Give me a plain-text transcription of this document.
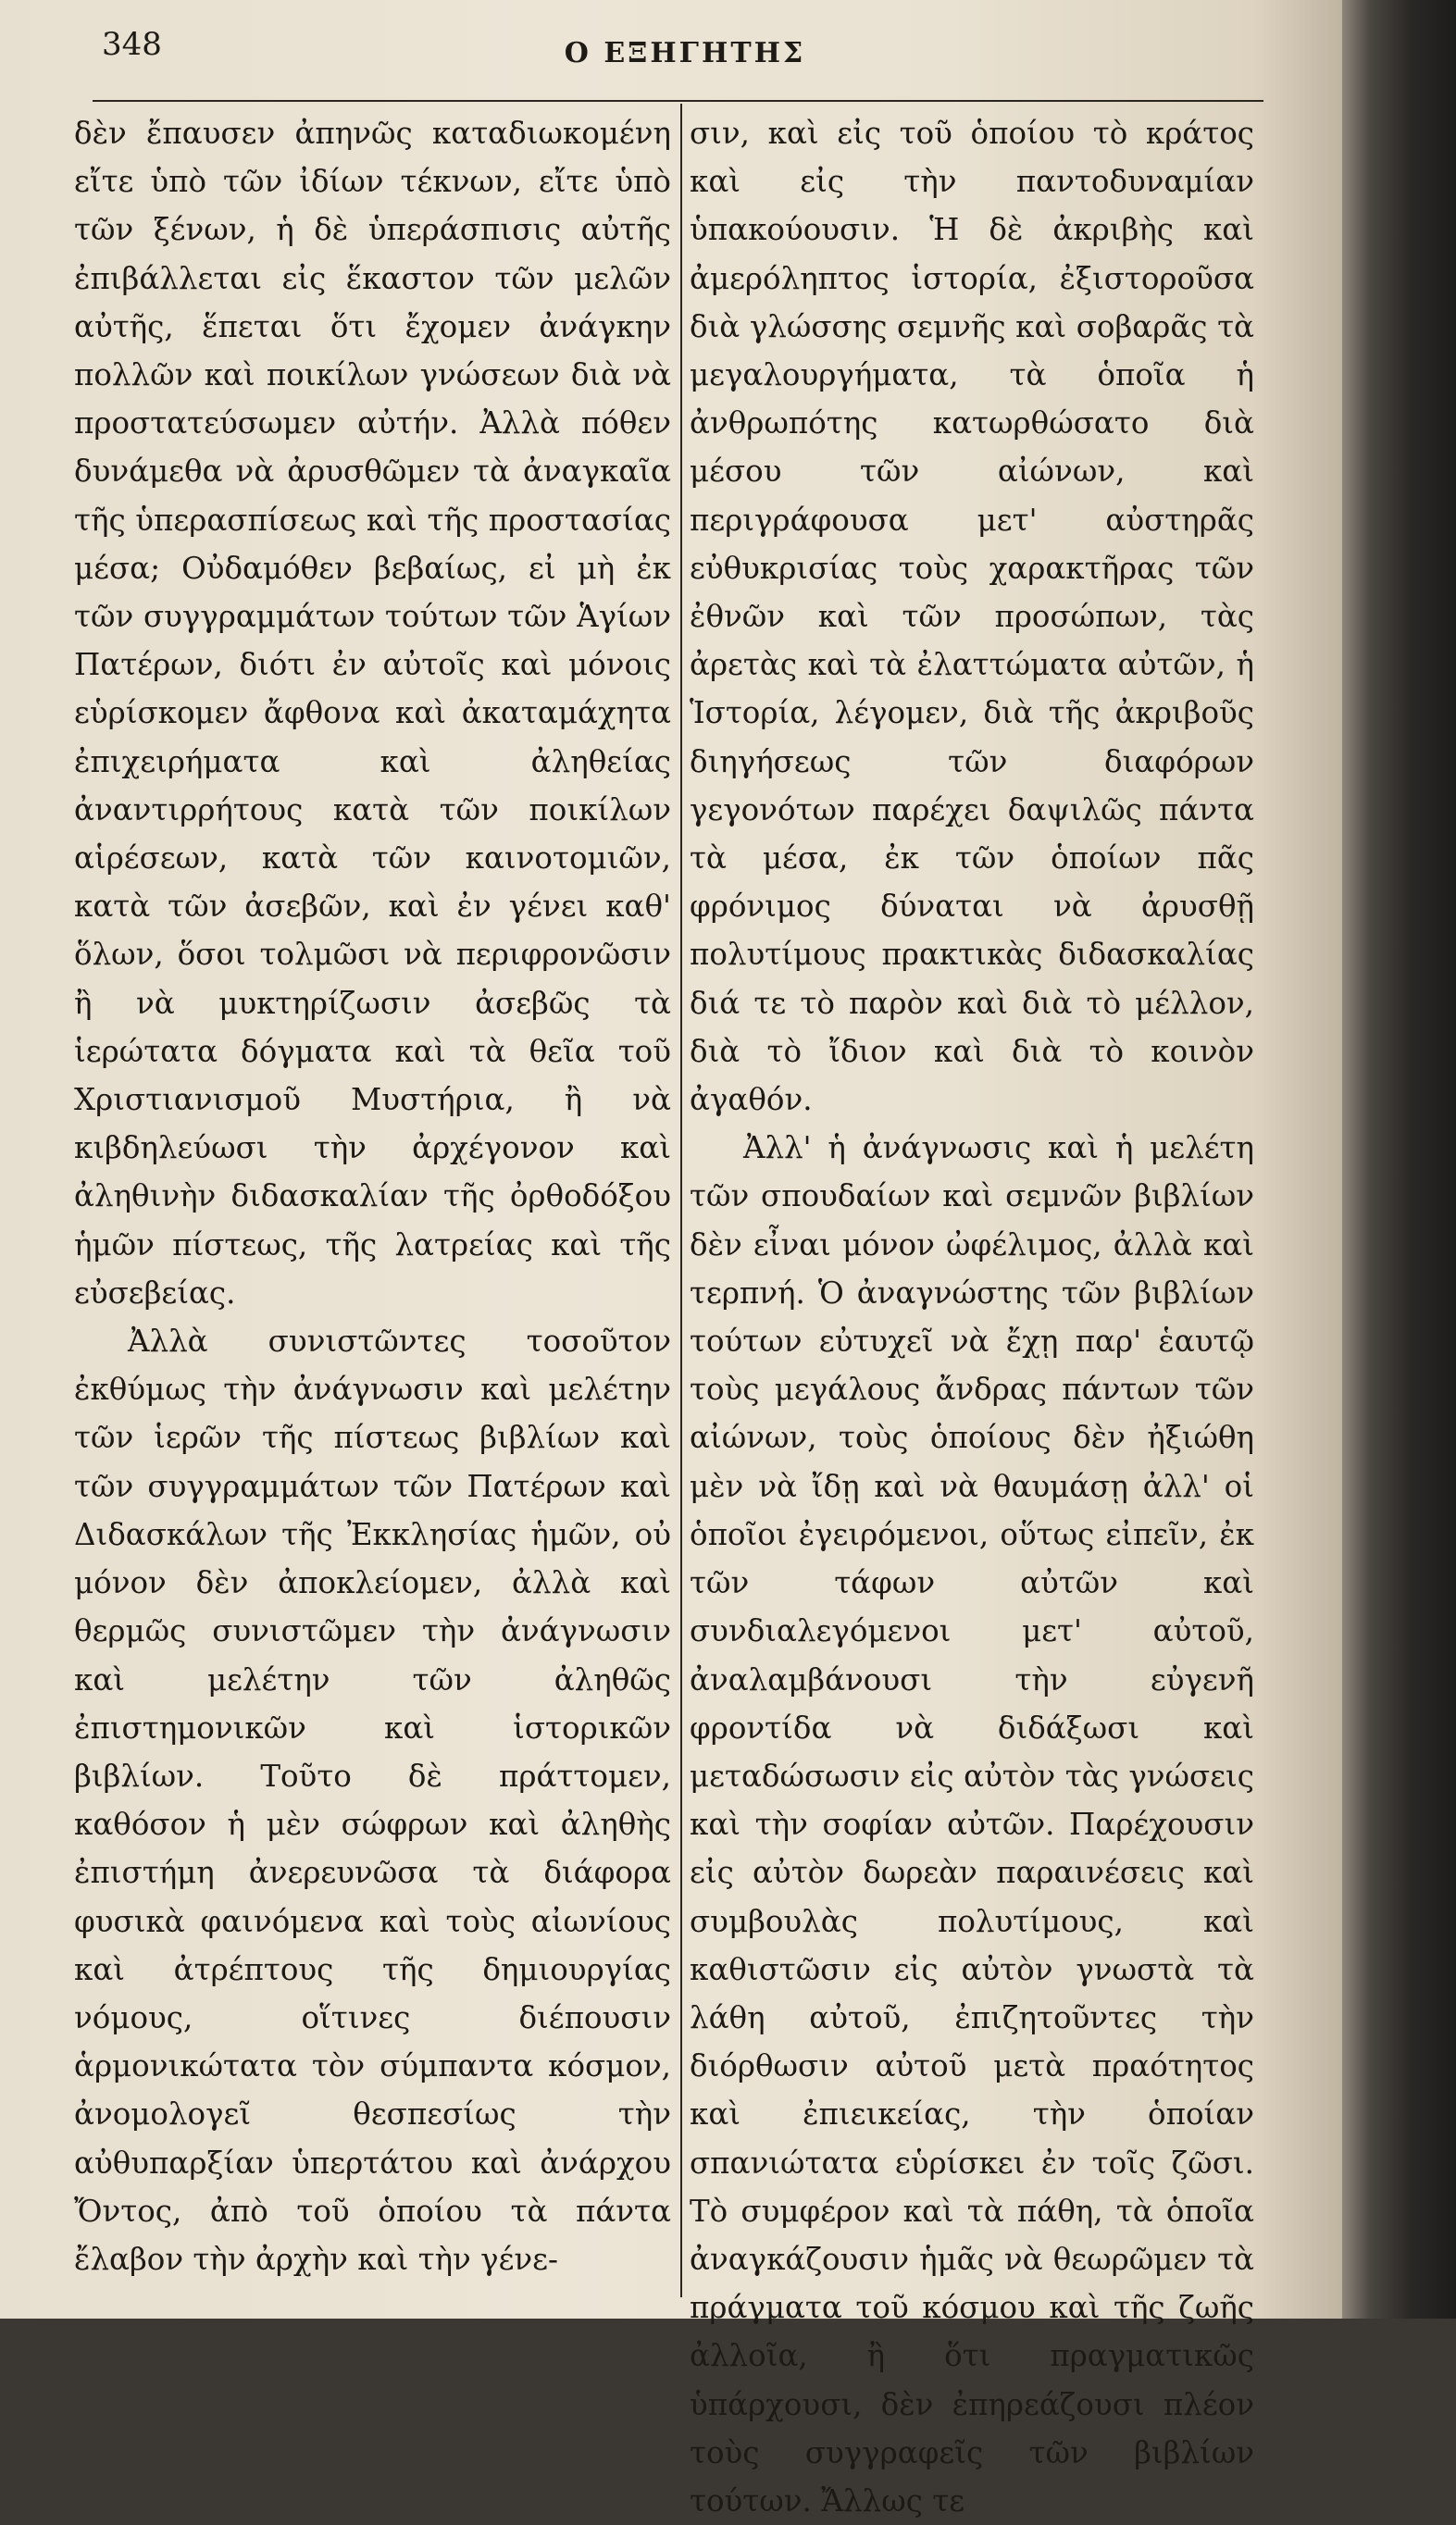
348	Ο ΕΞΗΓΗΤΗΣ

δὲν ἔπαυσεν ἀπηνῶς καταδιωκομένη εἴτε ὑπὸ τῶν ἰδίων τέκνων, εἴτε ὑπὸ τῶν ξένων, ἡ δὲ ὑπεράσπισις αὐτῆς ἐπιβάλλεται εἰς ἕκαστον τῶν μελῶν αὐτῆς, ἕπεται ὅτι ἔχομεν ἀνάγκην πολλῶν καὶ ποικίλων γνώσεων διὰ νὰ προστατεύσωμεν αὐτήν. Ἀλλὰ πόθεν δυνάμεθα νὰ ἀρυσθῶμεν τὰ ἀναγκαῖα τῆς ὑπερασπίσεως καὶ τῆς προστασίας μέσα; Οὐδαμόθεν βεβαίως, εἰ μὴ ἐκ τῶν συγγραμμάτων τούτων τῶν Ἁγίων Πατέρων, διότι ἐν αὐτοῖς καὶ μόνοις εὑρίσκομεν ἄφθονα καὶ ἀκαταμάχητα ἐπιχειρήματα καὶ ἀληθείας ἀναντιρρήτους κατὰ τῶν ποικίλων αἱρέσεων, κατὰ τῶν καινοτομιῶν, κατὰ τῶν ἀσεβῶν, καὶ ἐν γένει καθ' ὅλων, ὅσοι τολμῶσι νὰ περιφρονῶσιν ἢ νὰ μυκτηρίζωσιν ἀσεβῶς τὰ ἱερώτατα δόγματα καὶ τὰ θεῖα τοῦ Χριστιανισμοῦ Μυστήρια, ἢ νὰ κιβδηλεύωσι τὴν ἀρχέγονον καὶ ἀληθινὴν διδασκαλίαν τῆς ὀρθοδόξου ἡμῶν πίστεως, τῆς λατρείας καὶ τῆς εὐσεβείας.

Ἀλλὰ συνιστῶντες τοσοῦτον ἐκθύμως τὴν ἀνάγνωσιν καὶ μελέτην τῶν ἱερῶν τῆς πίστεως βιβλίων καὶ τῶν συγγραμμάτων τῶν Πατέρων καὶ Διδασκάλων τῆς Ἐκκλησίας ἡμῶν, οὐ μόνον δὲν ἀποκλείομεν, ἀλλὰ καὶ θερμῶς συνιστῶμεν τὴν ἀνάγνωσιν καὶ μελέτην τῶν ἀληθῶς ἐπιστημονικῶν καὶ ἱστορικῶν βιβλίων. Τοῦτο δὲ πράττομεν, καθόσον ἡ μὲν σώφρων καὶ ἀληθὴς ἐπιστήμη ἀνερευνῶσα τὰ διάφορα φυσικὰ φαινόμενα καὶ τοὺς αἰωνίους καὶ ἀτρέπτους τῆς δημιουργίας νόμους, οἵτινες διέπουσιν ἁρμονικώτατα τὸν σύμπαντα κόσμον, ἀνομολογεῖ θεσπεσίως τὴν αὐθυπαρξίαν ὑπερτάτου καὶ ἀνάρχου Ὄντος, ἀπὸ τοῦ ὁποίου τὰ πάντα ἔλαβον τὴν ἀρχὴν καὶ τὴν γένε-

σιν, καὶ εἰς τοῦ ὁποίου τὸ κράτος καὶ εἰς τὴν παντοδυναμίαν ὑπακούουσιν. Ἡ δὲ ἀκριβὴς καὶ ἀμερόληπτος ἱστορία, ἐξιστοροῦσα διὰ γλώσσης σεμνῆς καὶ σοβαρᾶς τὰ μεγαλουργήματα, τὰ ὁποῖα ἡ ἀνθρωπότης κατωρθώσατο διὰ μέσου τῶν αἰώνων, καὶ περιγράφουσα μετ' αὐστηρᾶς εὐθυκρισίας τοὺς χαρακτῆρας τῶν ἐθνῶν καὶ τῶν προσώπων, τὰς ἀρετὰς καὶ τὰ ἐλαττώματα αὐτῶν, ἡ Ἱστορία, λέγομεν, διὰ τῆς ἀκριβοῦς διηγήσεως τῶν διαφόρων γεγονότων παρέχει δαψιλῶς πάντα τὰ μέσα, ἐκ τῶν ὁποίων πᾶς φρόνιμος δύναται νὰ ἀρυσθῇ πολυτίμους πρακτικὰς διδασκαλίας διά τε τὸ παρὸν καὶ διὰ τὸ μέλλον, διὰ τὸ ἴδιον καὶ διὰ τὸ κοινὸν ἀγαθόν.

Ἀλλ' ἡ ἀνάγνωσις καὶ ἡ μελέτη τῶν σπουδαίων καὶ σεμνῶν βιβλίων δὲν εἶναι μόνον ὠφέλιμος, ἀλλὰ καὶ τερπνή. Ὁ ἀναγνώστης τῶν βιβλίων τούτων εὐτυχεῖ νὰ ἔχῃ παρ' ἑαυτῷ τοὺς μεγάλους ἄνδρας πάντων τῶν αἰώνων, τοὺς ὁποίους δὲν ἠξιώθη μὲν νὰ ἴδῃ καὶ νὰ θαυμάσῃ ἀλλ' οἱ ὁποῖοι ἐγειρόμενοι, οὕτως εἰπεῖν, ἐκ τῶν τάφων αὐτῶν καὶ συνδιαλεγόμενοι μετ' αὐτοῦ, ἀναλαμβάνουσι τὴν εὐγενῆ φροντίδα νὰ διδάξωσι καὶ μεταδώσωσιν εἰς αὐτὸν τὰς γνώσεις καὶ τὴν σοφίαν αὐτῶν. Παρέχουσιν εἰς αὐτὸν δωρεὰν παραινέσεις καὶ συμβουλὰς πολυτίμους, καὶ καθιστῶσιν εἰς αὐτὸν γνωστὰ τὰ λάθη αὐτοῦ, ἐπιζητοῦντες τὴν διόρθωσιν αὐτοῦ μετὰ πραότητος καὶ ἐπιεικείας, τὴν ὁποίαν σπανιώτατα εὑρίσκει ἐν τοῖς ζῶσι. Τὸ συμφέρον καὶ τὰ πάθη, τὰ ὁποῖα ἀναγκάζουσιν ἡμᾶς νὰ θεωρῶμεν τὰ πράγματα τοῦ κόσμου καὶ τῆς ζωῆς ἀλλοῖα, ἢ ὅτι πραγματικῶς ὑπάρχουσι, δὲν ἐπηρεάζουσι πλέον τοὺς συγγραφεῖς τῶν βιβλίων τούτων. Ἄλλως τε
